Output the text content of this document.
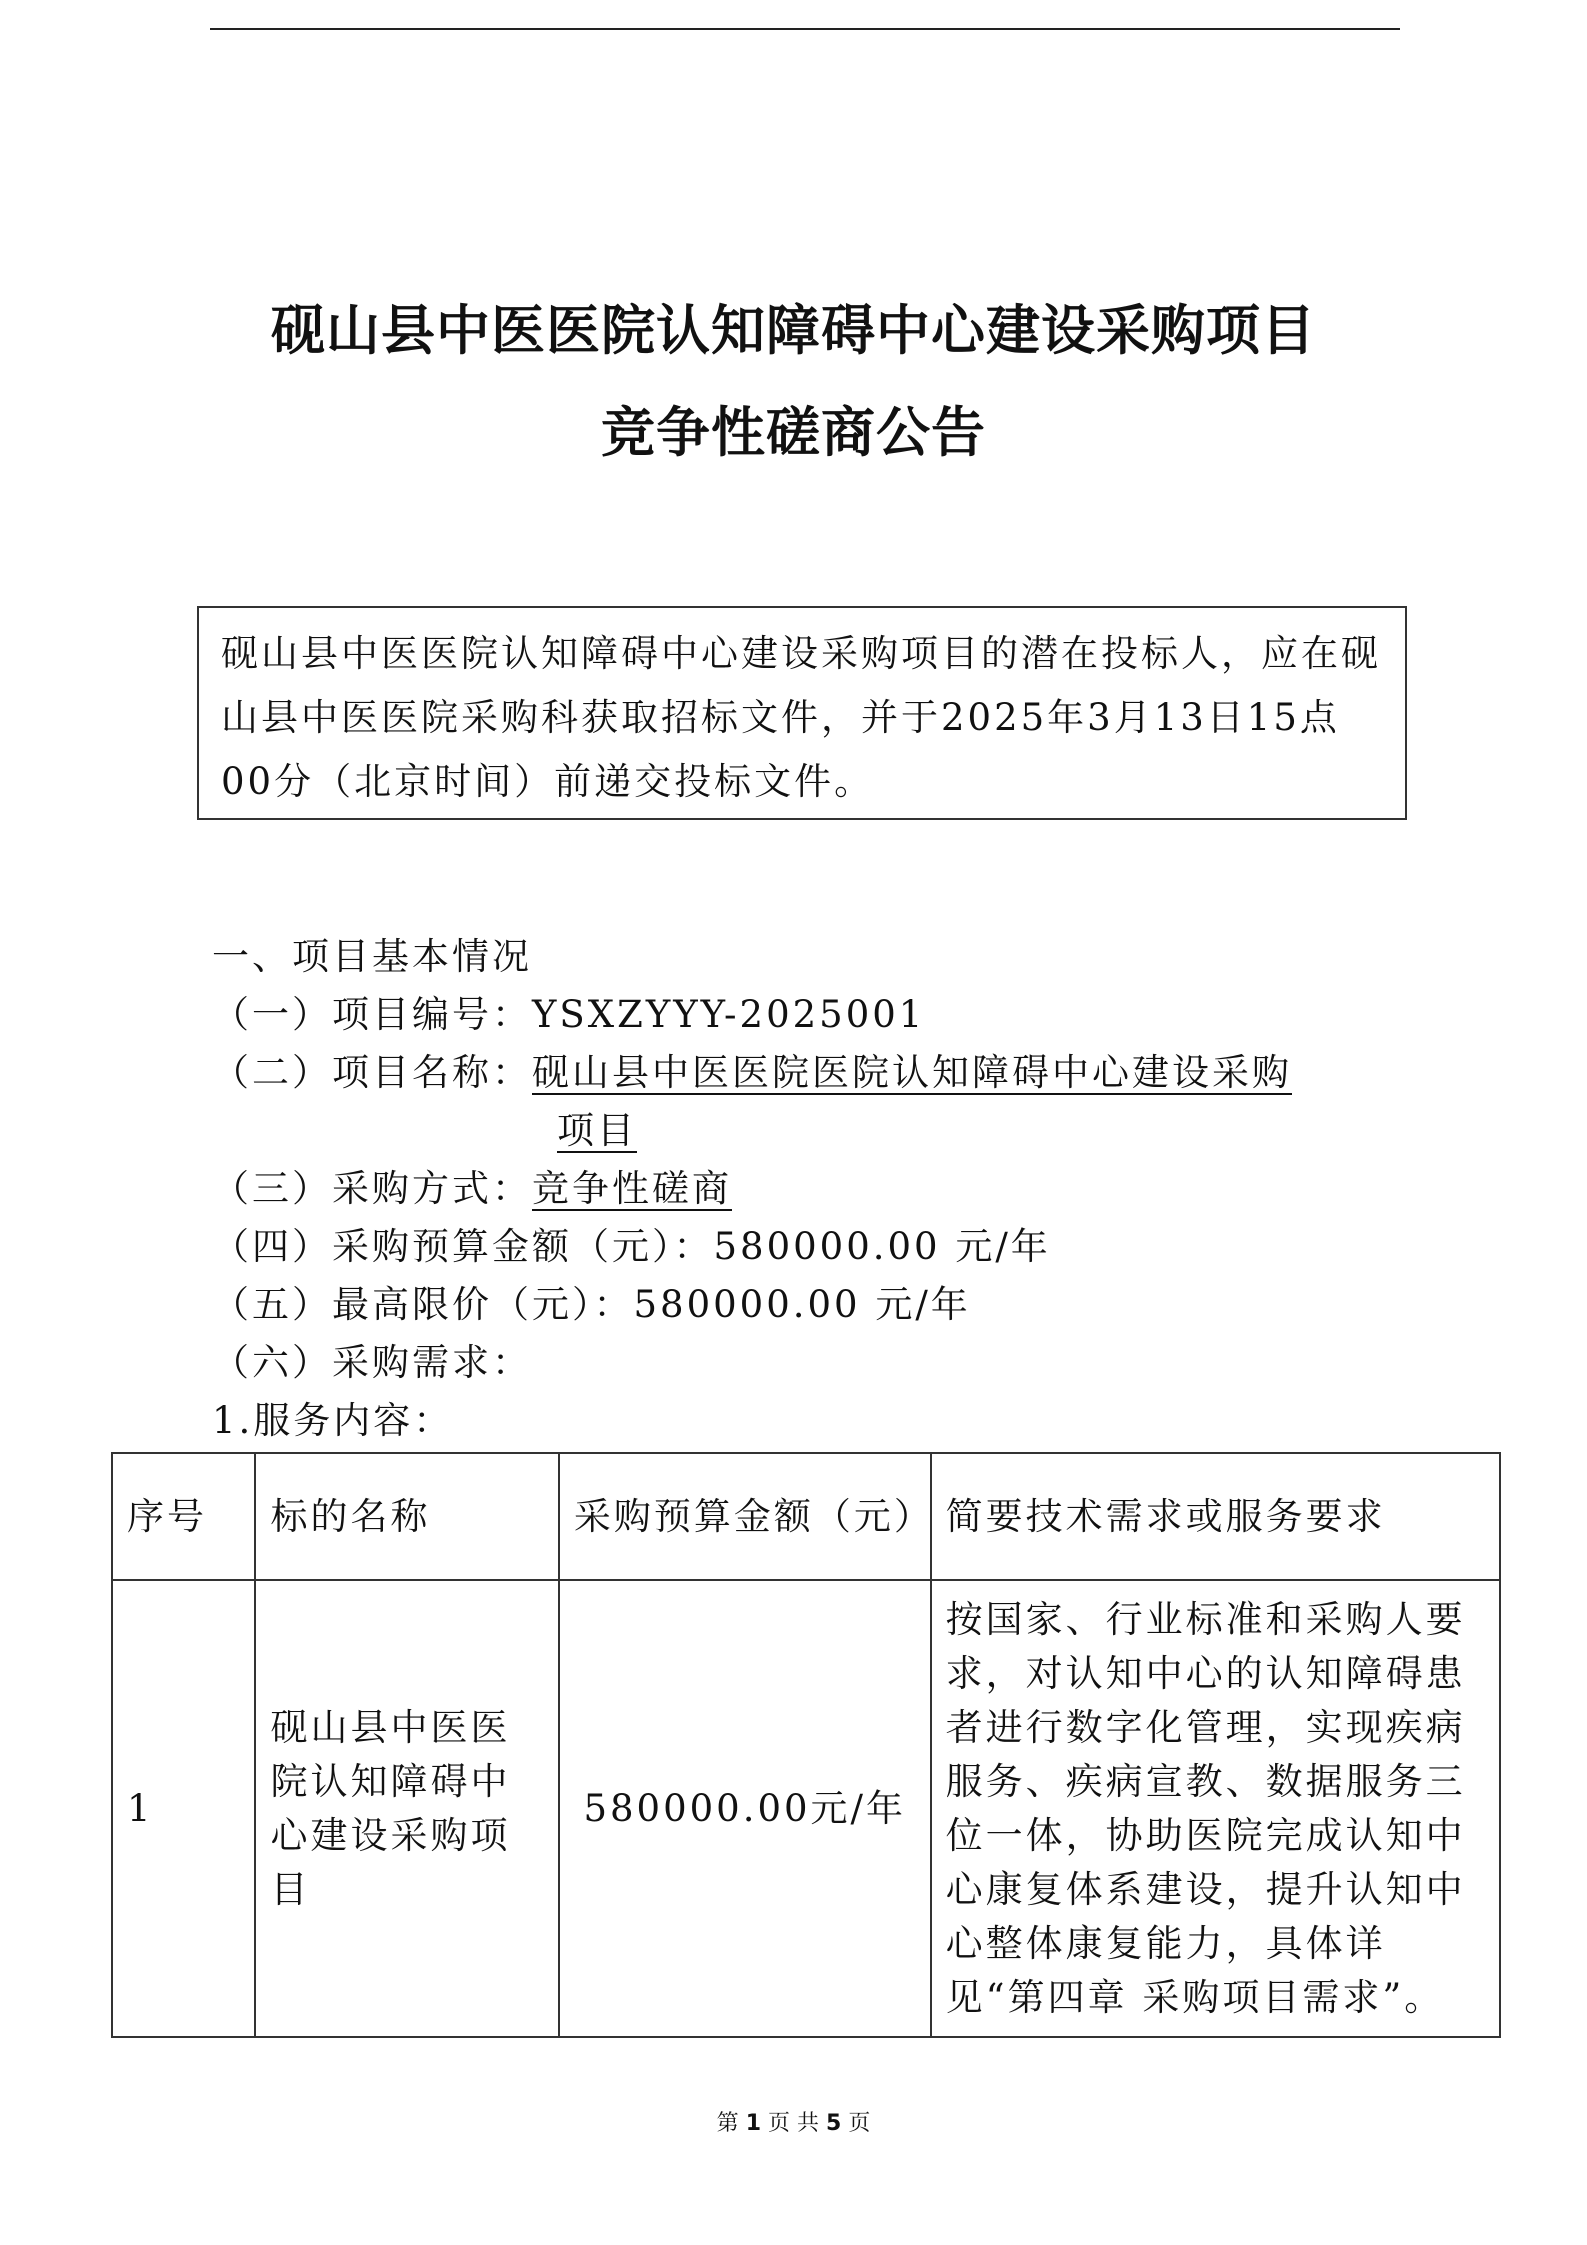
砚山县中医医院认知障碍中心建设采购项目
竞争性磋商公告
砚山县中医医院认知障碍中心建设采购项目的潜在投标人，应在砚山县中医医院采购科获取招标文件，并于2025年3月13日15点00分（北京时间）前递交投标文件。
一、项目基本情况
（一）项目编号：YSXZYYY-2025001
（二）项目名称：砚山县中医医院医院认知障碍中心建设采购
项目
（三）采购方式：竞争性磋商
（四）采购预算金额（元）：580000.00 元/年
（五）最高限价（元）：580000.00 元/年
（六）采购需求：
1.服务内容：
序号	标的名称	采购预算金额（元）	简要技术需求或服务要求
1	砚山县中医医院认知障碍中心建设采购项目	580000.00元/年	按国家、行业标准和采购人要求，对认知中心的认知障碍患者进行数字化管理，实现疾病服务、疾病宣教、数据服务三位一体，协助医院完成认知中心康复体系建设，提升认知中心整体康复能力，具体详见“第四章 采购项目需求”。
第 1 页 共 5 页
